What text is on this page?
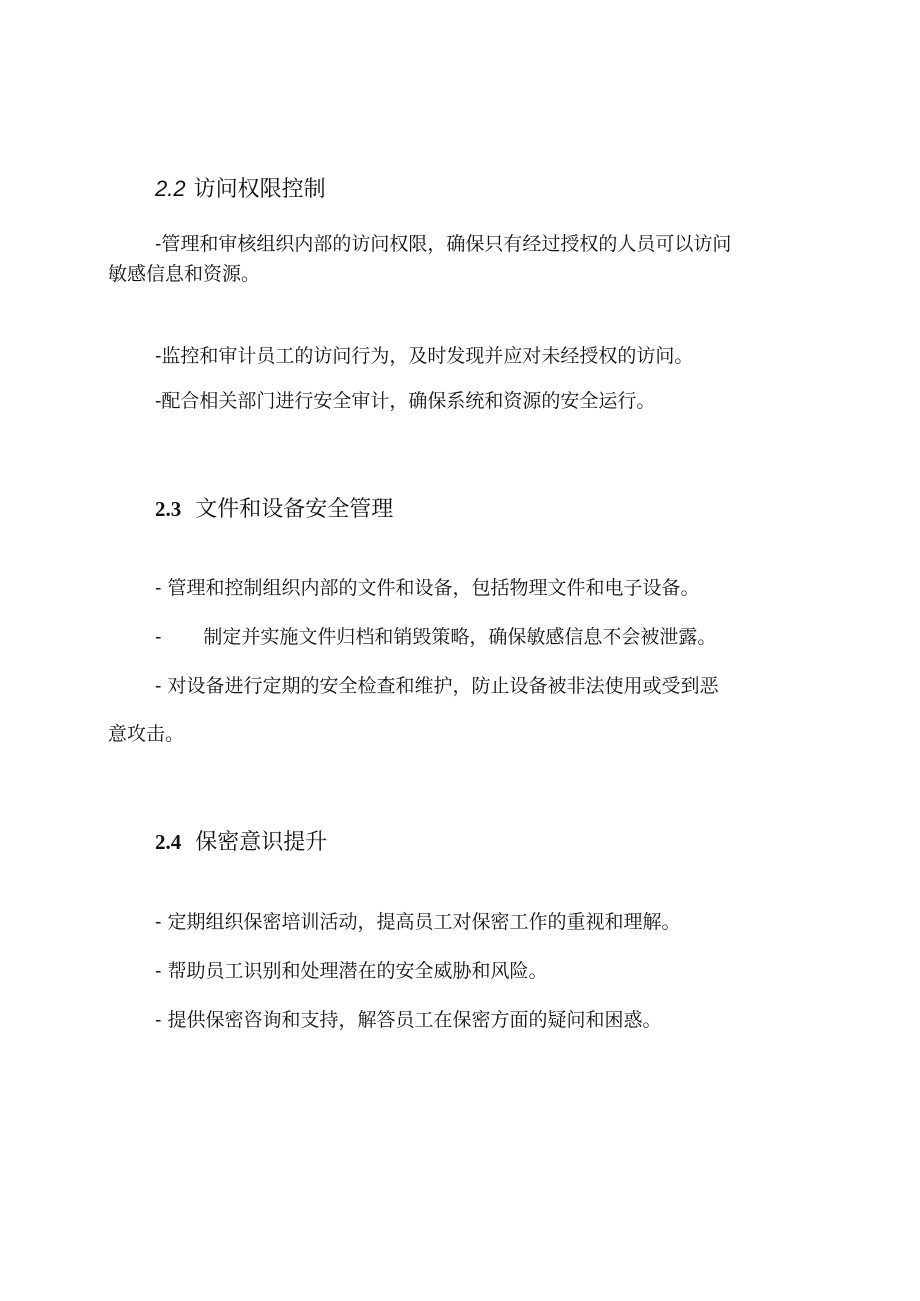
2.2 访问权限控制
-管理和审核组织内部的访问权限，确保只有经过授权的人员可以访问
敏感信息和资源。
-监控和审计员工的访问行为，及时发现并应对未经授权的访问。
-配合相关部门进行安全审计，确保系统和资源的安全运行。
2.3 文件和设备安全管理
- 管理和控制组织内部的文件和设备，包括物理文件和电子设备。
- 制定并实施文件归档和销毁策略，确保敏感信息不会被泄露。
- 对设备进行定期的安全检查和维护，防止设备被非法使用或受到恶
意攻击。
2.4 保密意识提升
- 定期组织保密培训活动，提高员工对保密工作的重视和理解。
- 帮助员工识别和处理潜在的安全威胁和风险。
- 提供保密咨询和支持，解答员工在保密方面的疑问和困惑。
